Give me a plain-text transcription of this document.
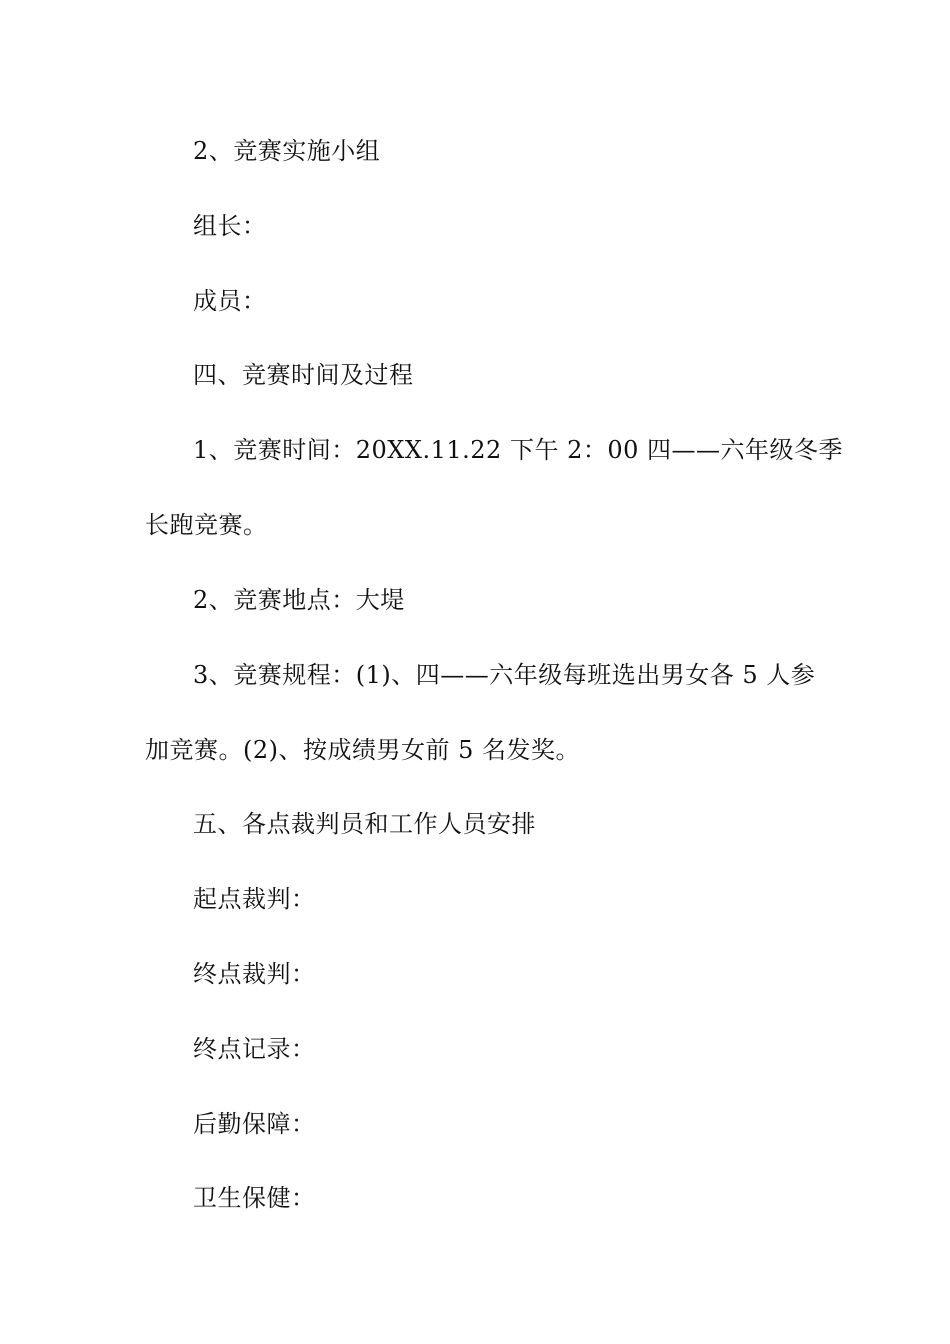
2、竞赛实施小组
组长：
成员：
四、竞赛时间及过程
1、竞赛时间：20XX.11.22 下午 2：00 四——六年级冬季
长跑竞赛。
2、竞赛地点：大堤
3、竞赛规程：(1)、四——六年级每班选出男女各 5 人参
加竞赛。(2)、按成绩男女前 5 名发奖。
五、各点裁判员和工作人员安排
起点裁判：
终点裁判：
终点记录：
后勤保障：
卫生保健：
